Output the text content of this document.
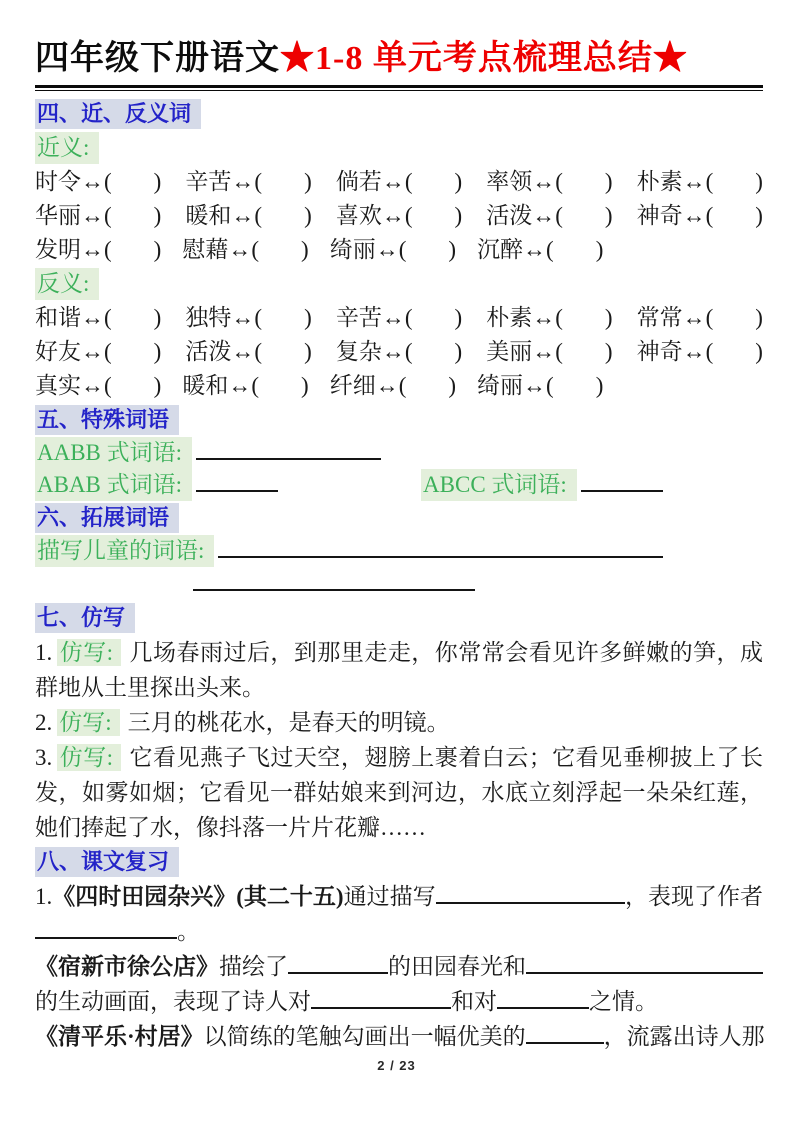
四年级下册语文★1-8 单元考点梳理总结★
四、近、反义词
近义:
时令↔( ) 辛苦↔( ) 倘若↔( ) 率领↔( ) 朴素↔( )
华丽↔( ) 暖和↔( ) 喜欢↔( ) 活泼↔( ) 神奇↔( )
发明↔( ) 慰藉↔( ) 绮丽↔( ) 沉醉↔( )
反义:
和谐↔( ) 独特↔( ) 辛苦↔( ) 朴素↔( ) 常常↔( )
好友↔( ) 活泼↔( ) 复杂↔( ) 美丽↔( ) 神奇↔( )
真实↔( ) 暖和↔( ) 纤细↔( ) 绮丽↔( )
五、特殊词语
AABB 式词语:
ABAB 式词语:	ABCC 式词语:
六、拓展词语
描写儿童的词语:
七、仿写

1. 仿写: 几场春雨过后，到那里走走，你常常会看见许多鲜嫩的笋，成群地从土里探出头来。

2. 仿写: 三月的桃花水，是春天的明镜。

3. 仿写: 它看见燕子飞过天空，翅膀上裹着白云；它看见垂柳披上了长发，如雾如烟；它看见一群姑娘来到河边，水底立刻浮起一朵朵红莲，她们捧起了水，像抖落一片片花瓣……

八、课文复习
1. 《四时田园杂兴》(其二十五) 通过描写	，表现了作者
。
《宿新市徐公店》 描绘了	的田园春光和
的生动画面，表现了诗人对	和对	之情。
《清平乐·村居》 以简练的笔触勾画出一幅优美的	，流露出诗人那
2 / 23
